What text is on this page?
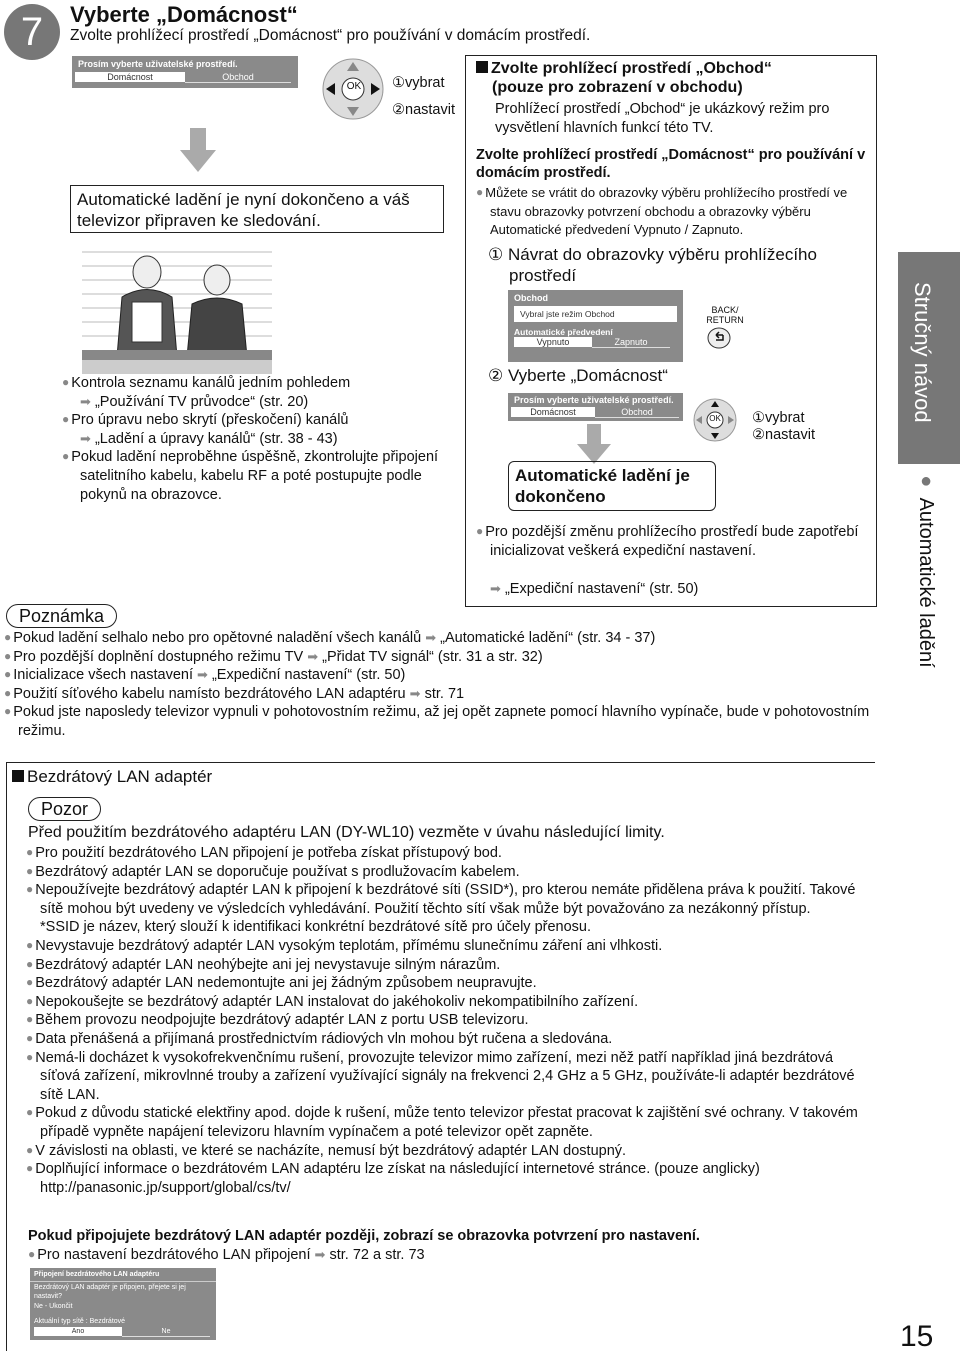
7	Vyberte „Domácnost“
Zvolte prohlížecí prostředí „Domácnost“ pro používání v domácím prostředí.
Prosím vyberte uživatelské prostředí.
Domácnost	Obchod
OK ①vybrat
②nastavit
Automatické ladění je nyní dokončeno a váš televizor připraven ke sledování.
● Kontrola seznamu kanálů jedním pohledem
➡ „Používání TV průvodce“ (str. 20)
● Pro úpravu nebo skrytí (přeskočení) kanálů
➡ „Ladění a úpravy kanálů“ (str. 38 - 43)
● Pokud ladění neproběhne úspěšně, zkontrolujte připojení satelitního kabelu, kabelu RF a poté postupujte podle pokynů na obrazovce.
Zvolte prohlížecí prostředí „Obchod“
(pouze pro zobrazení v obchodu)
Prohlížecí prostředí „Obchod“ je ukázkový režim pro vysvětlení hlavních funkcí této TV.
Zvolte prohlížecí prostředí „Domácnost“ pro používání v domácím prostředí.
● Můžete se vrátit do obrazovky výběru prohlížecího prostředí ve stavu obrazovky potvrzení obchodu a obrazovky výběru Automatické předvedení Vypnuto / Zapnuto.
① Návrat do obrazovky výběru prohlížecího prostředí
Obchod
Vybral jste režim Obchod
Automatické předvedení
Vypnuto	Zapnuto
BACK/ RETURN
② Vyberte „Domácnost“
Prosím vyberte uživatelské prostředí.
Domácnost	Obchod
OK ①vybrat
②nastavit
Automatické ladění je dokončeno
● Pro pozdější změnu prohlížecího prostředí bude zapotřebí inicializovat veškerá expediční nastavení.
➡ „Expediční nastavení“ (str. 50)
Poznámka
● Pokud ladění selhalo nebo pro opětovné naladění všech kanálů ➡ „Automatické ladění“ (str. 34 - 37)
● Pro pozdější doplnění dostupného režimu TV ➡ „Přidat TV signál“ (str. 31 a str. 32)
● Inicializace všech nastavení ➡ „Expediční nastavení“ (str. 50)
● Použití síťového kabelu namísto bezdrátového LAN adaptéru ➡ str. 71
● Pokud jste naposledy televizor vypnuli v pohotovostním režimu, až jej opět zapnete pomocí hlavního vypínače, bude v pohotovostním režimu.
Bezdrátový LAN adaptér
Pozor
Před použitím bezdrátového adaptéru LAN (DY-WL10) vezměte v úvahu následující limity.
● Pro použití bezdrátového LAN připojení je potřeba získat přístupový bod.
● Bezdrátový adaptér LAN se doporučuje používat s prodlužovacím kabelem.
● Nepoužívejte bezdrátový adaptér LAN k připojení k bezdrátové síti (SSID*), pro kterou nemáte přidělena práva k použití. Takové sítě mohou být uvedeny ve výsledcích vyhledávání. Použití těchto sítí však může být považováno za nezákonný přístup.
*SSID je název, který slouží k identifikaci konkrétní bezdrátové sítě pro účely přenosu.
● Nevystavuje bezdrátový adaptér LAN vysokým teplotám, přímému slunečnímu záření ani vlhkosti.
● Bezdrátový adaptér LAN neohýbejte ani jej nevystavuje silným nárazům.
● Bezdrátový adaptér LAN nedemontujte ani jej žádným způsobem neupravujte.
● Nepokoušejte se bezdrátový adaptér LAN instalovat do jakéhokoliv nekompatibilního zařízení.
● Během provozu neodpojujte bezdrátový adaptér LAN z portu USB televizoru.
● Data přenášená a přijímaná prostřednictvím rádiových vln mohou být ručena a sledována.
● Nemá-li docházet k vysokofrekvenčnímu rušení, provozujte televizor mimo zařízení, mezi něž patří například jiná bezdrátová síťová zařízení, mikrovlnné trouby a zařízení využívající signály na frekvenci 2,4 GHz a 5 GHz, používáte-li adaptér bezdrátové sítě LAN.
● Pokud z důvodu statické elektřiny apod. dojde k rušení, může tento televizor přestat pracovat k zajištění své ochrany. V takovém případě vypněte napájení televizoru hlavním vypínačem a poté televizor opět zapněte.
● V závislosti na oblasti, ve které se nacházíte, nemusí být bezdrátový adaptér LAN dostupný.
● Doplňující informace o bezdrátovém LAN adaptéru lze získat na následující internetové stránce. (pouze anglicky) http://panasonic.jp/support/global/cs/tv/
Pokud připojujete bezdrátový LAN adaptér později, zobrazí se obrazovka potvrzení pro nastavení.
● Pro nastavení bezdrátového LAN připojení ➡ str. 72 a str. 73
Připojení bezdrátového LAN adaptéru
Bezdrátový LAN adaptér je připojen, přejete si jej nastavit?
Ne - Ukončit
Aktuální typ sítě : Bezdrátové
Ano	Ne
Stručný návod
● Automatické ladění
15
